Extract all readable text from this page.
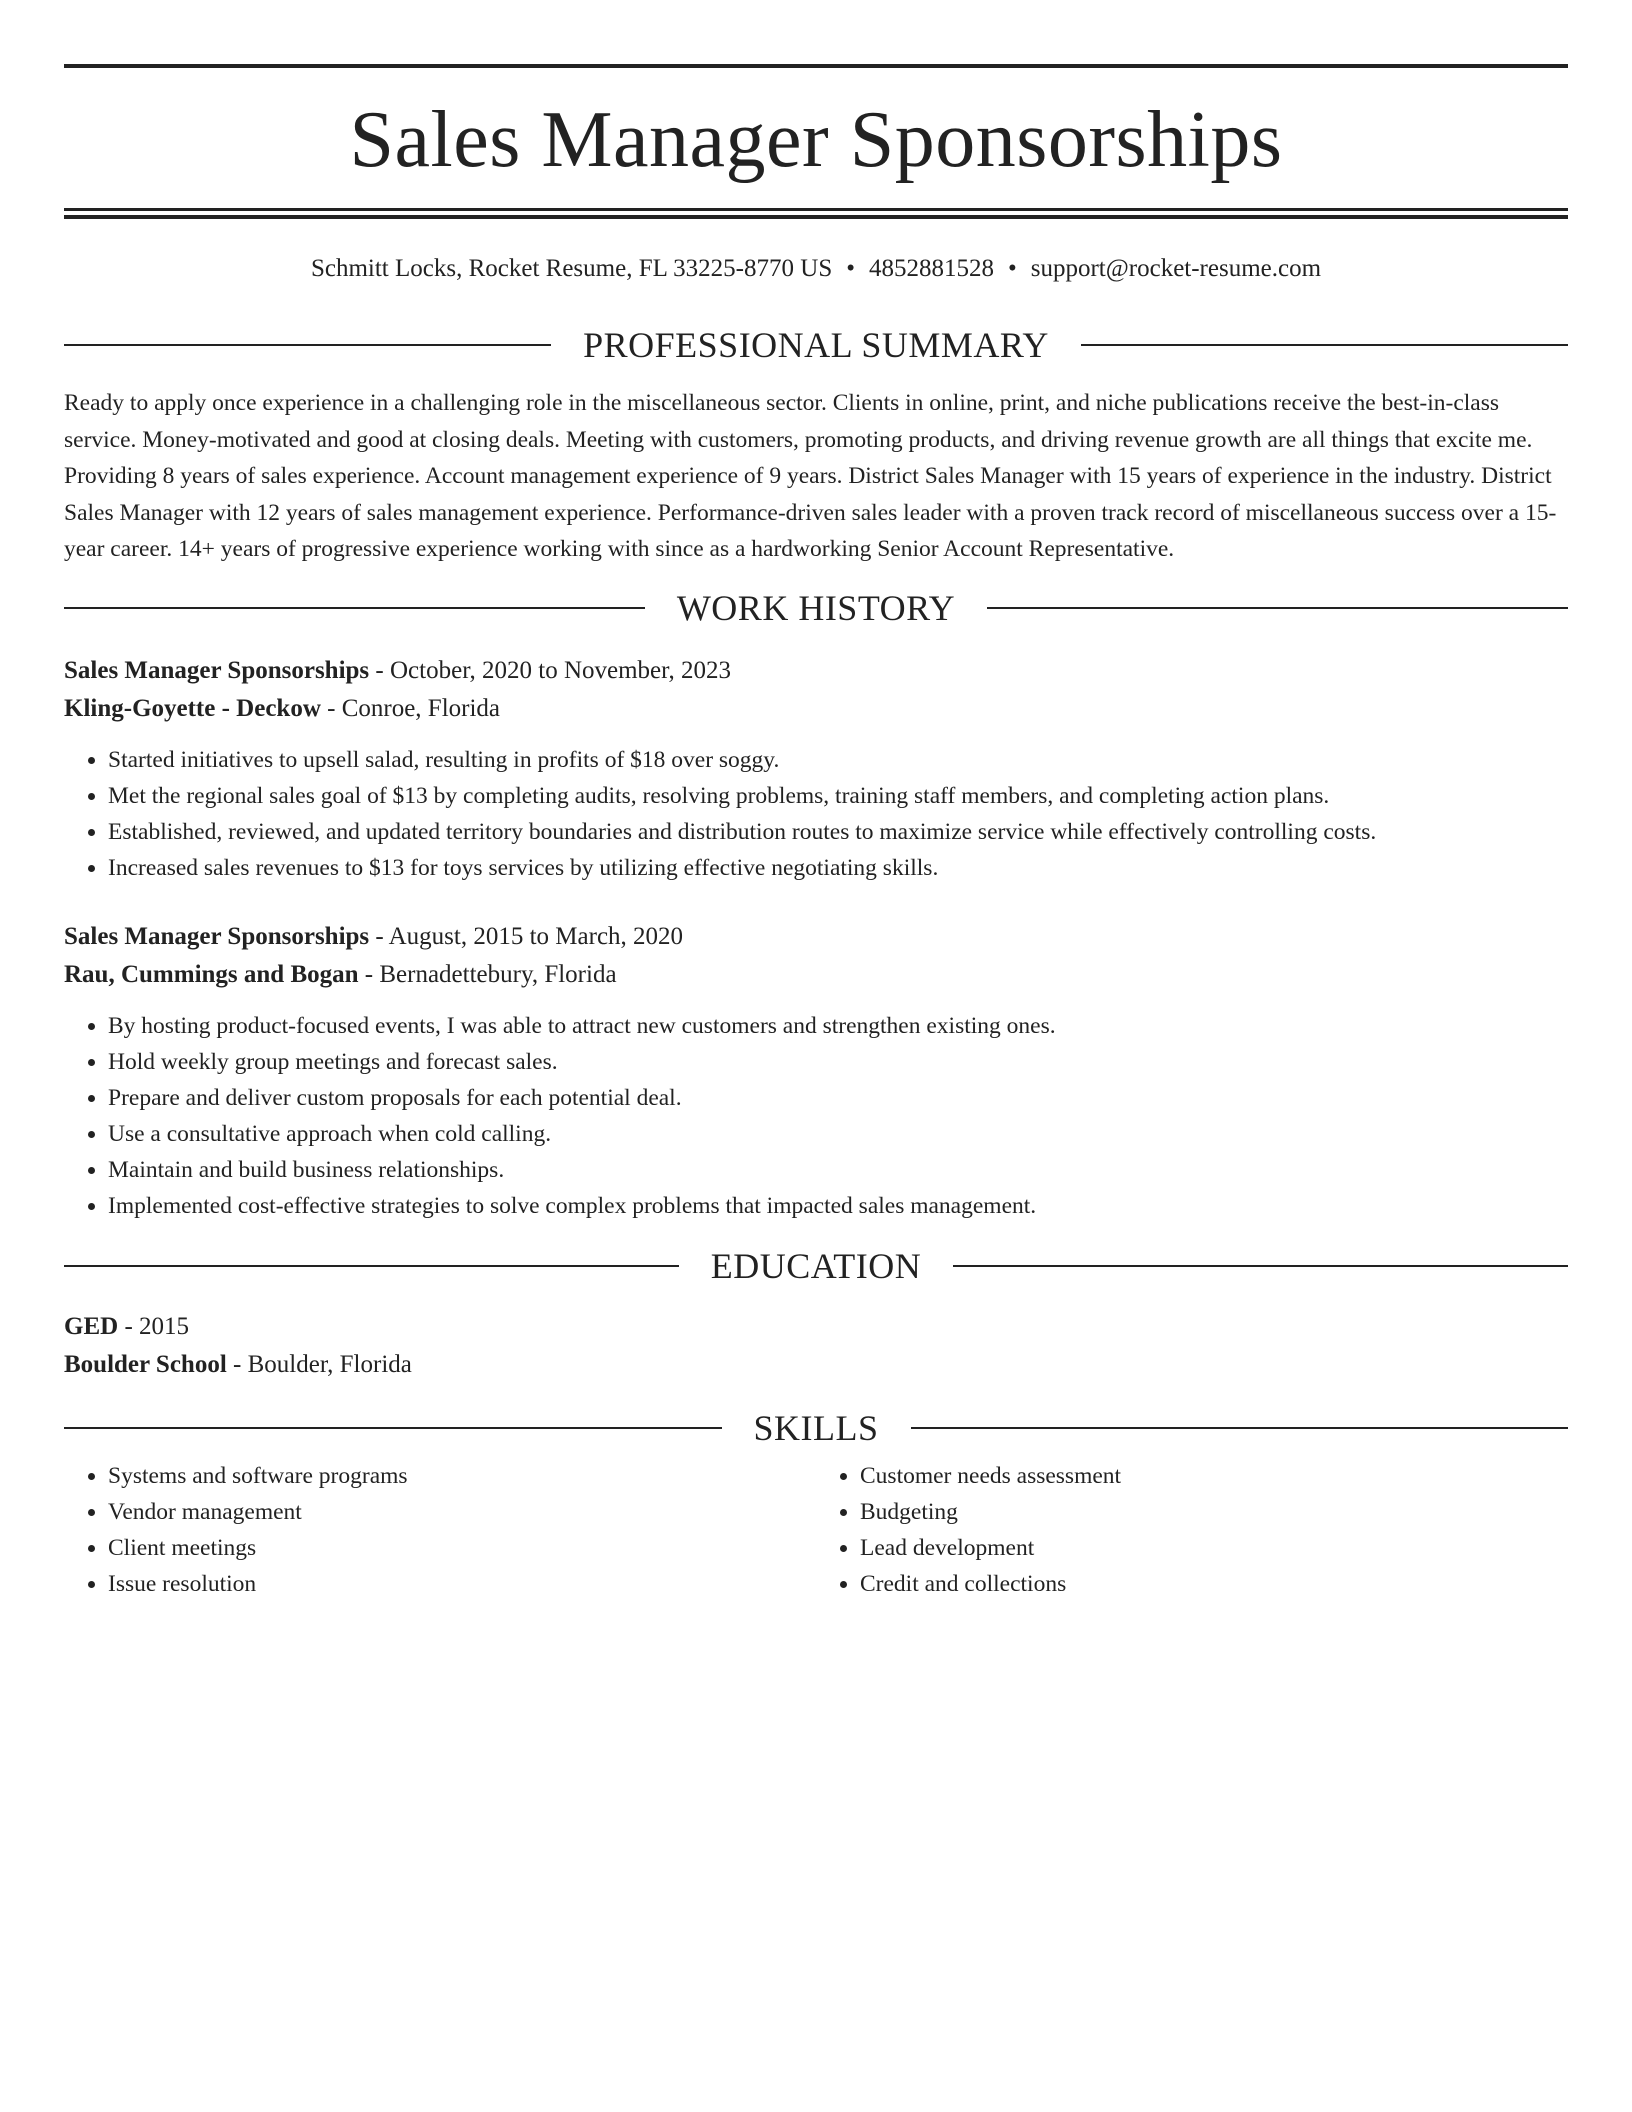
Sales Manager Sponsorships
Schmitt Locks, Rocket Resume, FL 33225-8770 US • 4852881528 • support@rocket-resume.com
PROFESSIONAL SUMMARY

Ready to apply once experience in a challenging role in the miscellaneous sector. Clients in online, print, and niche publications receive the best-in-class service. Money-motivated and good at closing deals. Meeting with customers, promoting products, and driving revenue growth are all things that excite me. Providing 8 years of sales experience. Account management experience of 9 years. District Sales Manager with 15 years of experience in the industry. District Sales Manager with 12 years of sales management experience. Performance-driven sales leader with a proven track record of miscellaneous success over a 15-year career. 14+ years of progressive experience working with since as a hardworking Senior Account Representative.

WORK HISTORY
Sales Manager Sponsorships - October, 2020 to November, 2023
Kling-Goyette - Deckow - Conroe, Florida
• Started initiatives to upsell salad, resulting in profits of $18 over soggy.
• Met the regional sales goal of $13 by completing audits, resolving problems, training staff members, and completing action plans.
• Established, reviewed, and updated territory boundaries and distribution routes to maximize service while effectively controlling costs.
• Increased sales revenues to $13 for toys services by utilizing effective negotiating skills.
Sales Manager Sponsorships - August, 2015 to March, 2020
Rau, Cummings and Bogan - Bernadettebury, Florida
• By hosting product-focused events, I was able to attract new customers and strengthen existing ones.
• Hold weekly group meetings and forecast sales.
• Prepare and deliver custom proposals for each potential deal.
• Use a consultative approach when cold calling.
• Maintain and build business relationships.
• Implemented cost-effective strategies to solve complex problems that impacted sales management.
EDUCATION
GED - 2015
Boulder School - Boulder, Florida
SKILLS
• Systems and software programs
• Vendor management
• Client meetings
• Issue resolution
• Customer needs assessment
• Budgeting
• Lead development
• Credit and collections
